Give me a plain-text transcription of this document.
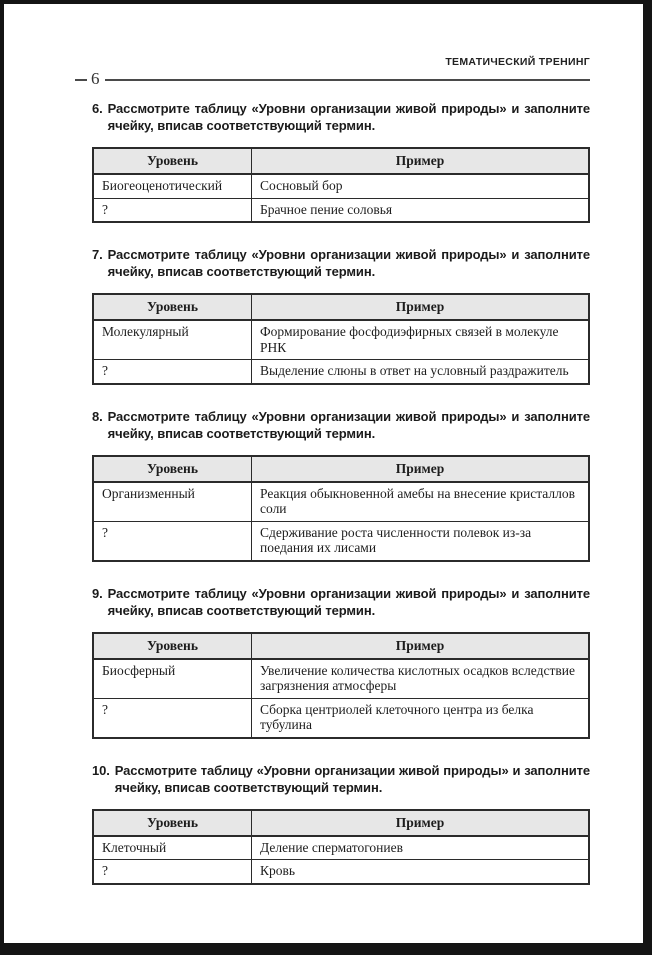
ТЕМАТИЧЕСКИЙ ТРЕНИНГ
6
6. Рассмотрите таблицу «Уровни организации живой природы» и заполните ячейку, вписав соответствующий термин.

Уровень	Пример
Биогеоценотический	Сосновый бор
?	Брачное пение соловья
7. Рассмотрите таблицу «Уровни организации живой природы» и заполните ячейку, вписав соответствующий термин.

Уровень	Пример
Молекулярный	Формирование фосфодиэфирных связей в молекуле РНК
?	Выделение слюны в ответ на условный раздражитель
8. Рассмотрите таблицу «Уровни организации живой природы» и заполните ячейку, вписав соответствующий термин.

Уровень	Пример
Организменный	Реакция обыкновенной амебы на внесение кристаллов соли
?	Сдерживание роста численности полевок из-за поедания их лисами
9. Рассмотрите таблицу «Уровни организации живой природы» и заполните ячейку, вписав соответствующий термин.

Уровень	Пример
Биосферный	Увеличение количества кислотных осадков вследствие загрязнения атмосферы
?	Сборка центриолей клеточного центра из белка тубулина
10. Рассмотрите таблицу «Уровни организации живой природы» и заполните ячейку, вписав соответствующий термин.

Уровень	Пример
Клеточный	Деление сперматогониев
?	Кровь
